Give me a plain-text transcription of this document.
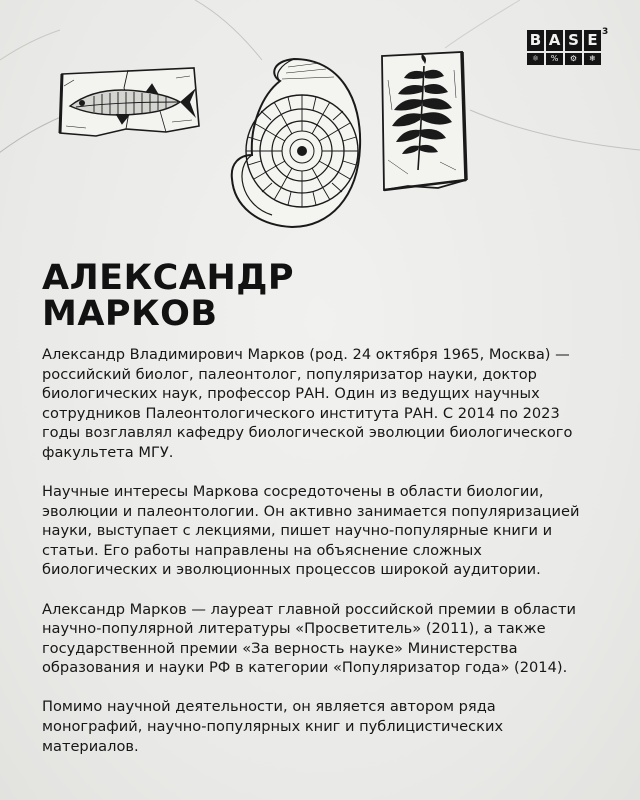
B A S E 3
⚛	%	⚙	❄
АЛЕКСАНДР
МАРКОВ

Александр Владимирович Марков (род. 24 октября 1965, Москва) —
российский биолог, палеонтолог, популяризатор науки, доктор
биологических наук, профессор РАН. Один из ведущих научных
сотрудников Палеонтологического института РАН. С 2014 по 2023
годы возглавлял кафедру биологической эволюции биологического
факультета МГУ.

Научные интересы Маркова сосредоточены в области биологии,
эволюции и палеонтологии. Он активно занимается популяризацией
науки, выступает с лекциями, пишет научно-популярные книги и
статьи. Его работы направлены на объяснение сложных
биологических и эволюционных процессов широкой аудитории.

Александр Марков — лауреат главной российской премии в области
научно-популярной литературы «Просветитель» (2011), а также
государственной премии «За верность науке» Министерства
образования и науки РФ в категории «Популяризатор года» (2014).

Помимо научной деятельности, он является автором ряда
монографий, научно-популярных книг и публицистических
материалов.
